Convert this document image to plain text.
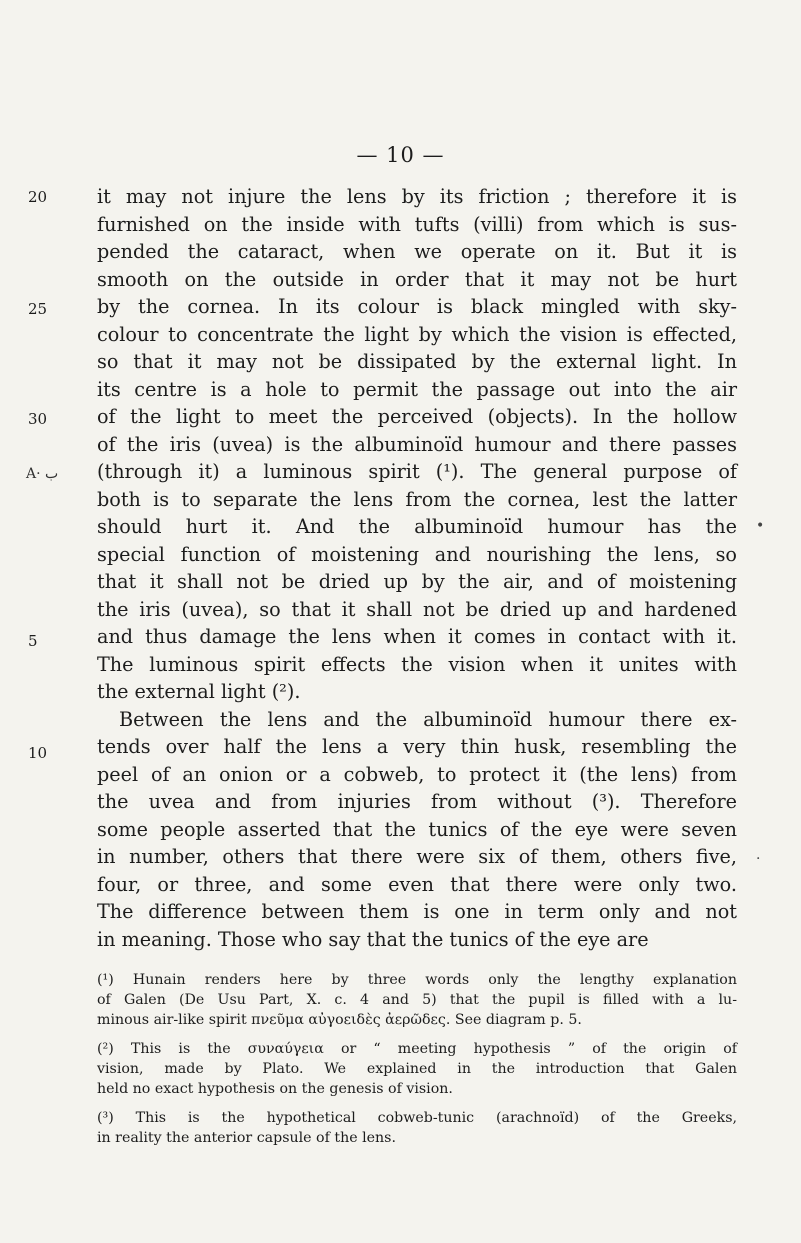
— 10 —
20
25
30
A· ب
5
10
•
·
it may not injure the lens by its friction ; therefore it is
furnished on the inside with tufts (villi) from which is sus-
pended the cataract, when we operate on it. But it is
smooth on the outside in order that it may not be hurt
by the cornea. In its colour is black mingled with sky-
colour to concentrate the light by which the vision is effected,
so that it may not be dissipated by the external light. In
its centre is a hole to permit the passage out into the air
of the light to meet the perceived (objects). In the hollow
of the iris (uvea) is the albuminoïd humour and there passes
(through it) a luminous spirit (¹). The general purpose of
both is to separate the lens from the cornea, lest the latter
should hurt it. And the albuminoïd humour has the
special function of moistening and nourishing the lens, so
that it shall not be dried up by the air, and of moistening
the iris (uvea), so that it shall not be dried up and hardened
and thus damage the lens when it comes in contact with it.
The luminous spirit effects the vision when it unites with
the external light (²).
Between the lens and the albuminoïd humour there ex-
tends over half the lens a very thin husk, resembling the
peel of an onion or a cobweb, to protect it (the lens) from
the uvea and from injuries from without (³). Therefore
some people asserted that the tunics of the eye were seven
in number, others that there were six of them, others five,
four, or three, and some even that there were only two.
The difference between them is one in term only and not
in meaning. Those who say that the tunics of the eye are
(¹) Hunain renders here by three words only the lengthy explanation
of Galen (De Usu Part, X. c. 4 and 5) that the pupil is filled with a lu-
minous air-like spirit πνεῦμα αὐγοειδὲς ἀερῶδες. See diagram p. 5.
(²) This is the συναύγεια or “ meeting hypothesis ” of the origin of
vision, made by Plato. We explained in the introduction that Galen
held no exact hypothesis on the genesis of vision.
(³) This is the hypothetical cobweb-tunic (arachnoïd) of the Greeks,
in reality the anterior capsule of the lens.
